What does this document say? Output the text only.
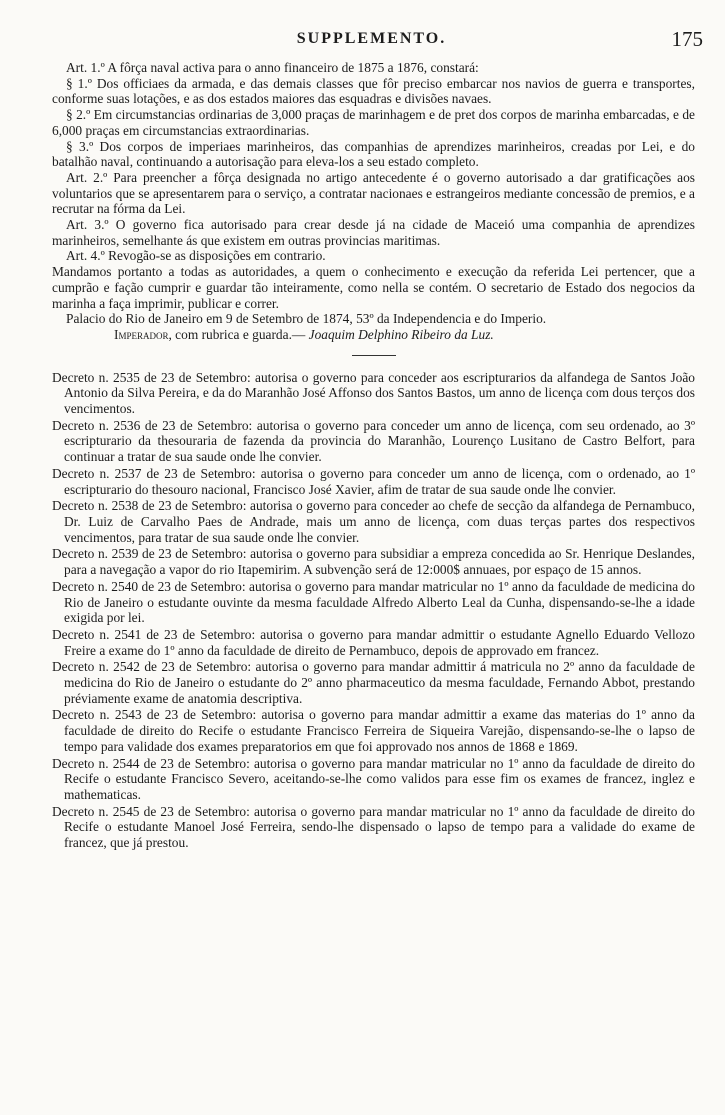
SUPPLEMENTO.	175

Art. 1.º A fôrça naval activa para o anno financeiro de 1875 a 1876, constará:

§ 1.º Dos officiaes da armada, e das demais classes que fôr preciso embarcar nos navios de guerra e transportes, conforme suas lotações, e as dos estados maiores das esquadras e divisões navaes.

§ 2.º Em circumstancias ordinarias de 3,000 praças de marinhagem e de pret dos corpos de marinha embarcadas, e de 6,000 praças em circumstancias extraordinarias.

§ 3.º Dos corpos de imperiaes marinheiros, das companhias de aprendizes marinheiros, creadas por Lei, e do batalhão naval, continuando a autorisação para eleva-los a seu estado completo.

Art. 2.º Para preencher a fôrça designada no artigo antecedente é o governo autorisado a dar gratificações aos voluntarios que se apresentarem para o serviço, a contratar nacionaes e estrangeiros mediante concessão de premios, e a recrutar na fórma da Lei.

Art. 3.º O governo fica autorisado para crear desde já na cidade de Maceió uma companhia de aprendizes marinheiros, semelhante ás que existem em outras provincias maritimas.

Art. 4.º Revogão-se as disposições em contrario.

Mandamos portanto a todas as autoridades, a quem o conhecimento e execução da referida Lei pertencer, que a cumprão e fação cumprir e guardar tão inteiramente, como nella se contém. O secretario de Estado dos negocios da marinha a faça imprimir, publicar e correr.

Palacio do Rio de Janeiro em 9 de Setembro de 1874, 53º da Independencia e do Imperio.

Imperador, com rubrica e guarda.— Joaquim Delphino Ribeiro da Luz.

Decreto n. 2535 de 23 de Setembro: autorisa o governo para conceder aos escripturarios da alfandega de Santos João Antonio da Silva Pereira, e da do Maranhão José Affonso dos Santos Bastos, um anno de licença com dous terços dos vencimentos.

Decreto n. 2536 de 23 de Setembro: autorisa o governo para conceder um anno de licença, com seu ordenado, ao 3º escripturario da thesouraria de fazenda da provincia do Maranhão, Lourenço Lusitano de Castro Belfort, para continuar a tratar de sua saude onde lhe convier.

Decreto n. 2537 de 23 de Setembro: autorisa o governo para conceder um anno de licença, com o ordenado, ao 1º escripturario do thesouro nacional, Francisco José Xavier, afim de tratar de sua saude onde lhe convier.

Decreto n. 2538 de 23 de Setembro: autorisa o governo para conceder ao chefe de secção da alfandega de Pernambuco, Dr. Luiz de Carvalho Paes de Andrade, mais um anno de licença, com duas terças partes dos respectivos vencimentos, para tratar de sua saude onde lhe convier.

Decreto n. 2539 de 23 de Setembro: autorisa o governo para subsidiar a empreza concedida ao Sr. Henrique Deslandes, para a navegação a vapor do rio Itapemirim. A subvenção será de 12:000$ annuaes, por espaço de 15 annos.

Decreto n. 2540 de 23 de Setembro: autorisa o governo para mandar matricular no 1º anno da faculdade de medicina do Rio de Janeiro o estudante ouvinte da mesma faculdade Alfredo Alberto Leal da Cunha, dispensando-se-lhe a idade exigida por lei.

Decreto n. 2541 de 23 de Setembro: autorisa o governo para mandar admittir o estudante Agnello Eduardo Vellozo Freire a exame do 1º anno da faculdade de direito de Pernambuco, depois de approvado em francez.

Decreto n. 2542 de 23 de Setembro: autorisa o governo para mandar admittir á matricula no 2º anno da faculdade de medicina do Rio de Janeiro o estudante do 2º anno pharmaceutico da mesma faculdade, Fernando Abbot, prestando préviamente exame de anatomia descriptiva.

Decreto n. 2543 de 23 de Setembro: autorisa o governo para mandar admittir a exame das materias do 1º anno da faculdade de direito do Recife o estudante Francisco Ferreira de Siqueira Varejão, dispensando-se-lhe o lapso de tempo para validade dos exames preparatorios em que foi approvado nos annos de 1868 e 1869.

Decreto n. 2544 de 23 de Setembro: autorisa o governo para mandar matricular no 1º anno da faculdade de direito do Recife o estudante Francisco Severo, aceitando-se-lhe como validos para esse fim os exames de francez, inglez e mathematicas.

Decreto n. 2545 de 23 de Setembro: autorisa o governo para mandar matricular no 1º anno da faculdade de direito do Recife o estudante Manoel José Ferreira, sendo-lhe dispensado o lapso de tempo para a validade do exame de francez, que já prestou.
